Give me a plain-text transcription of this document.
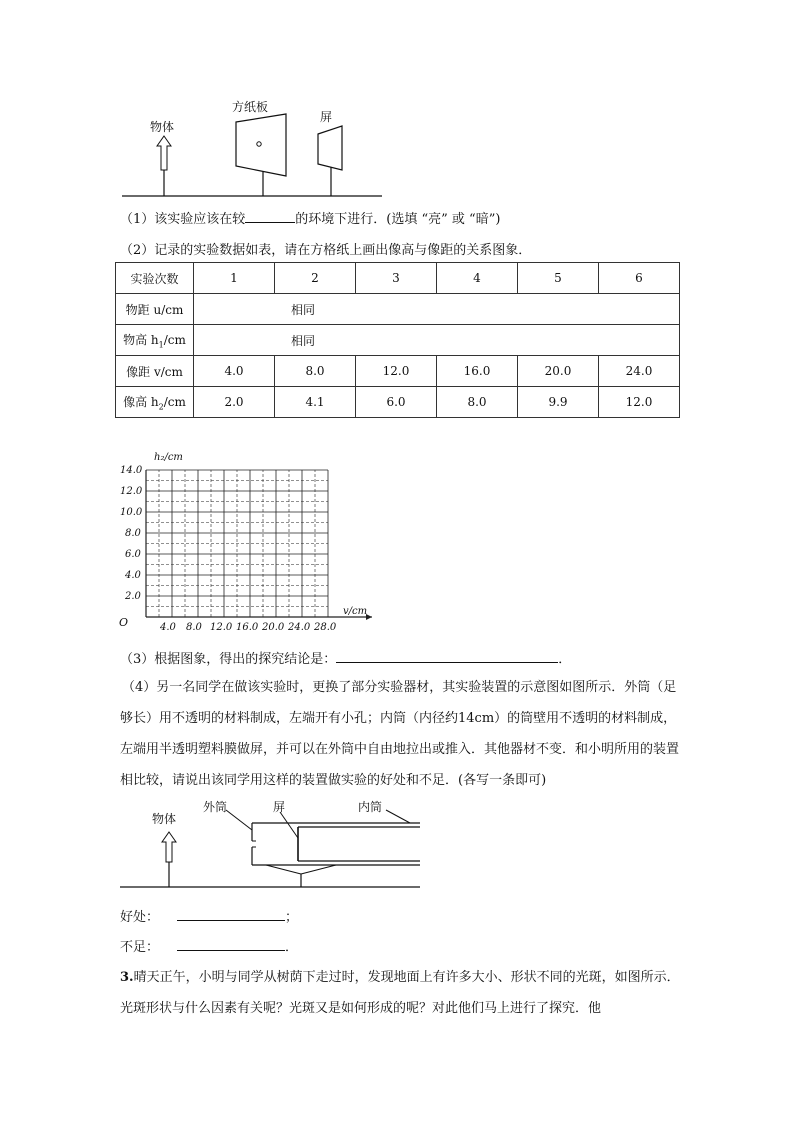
物体
方纸板
屏
（1）该实验应该在较	的环境下进行．(选填 “亮” 或 “暗”)
（2）记录的实验数据如表，请在方格纸上画出像高与像距的关系图象．
实验次数	1	2	3	4	5	6
物距 u/cm	相同					
物高 $h_1/cm$	相同					
像距 v/cm	4.0	8.0	12.0	16.0	20.0	24.0
像高 $h_2/cm$	2.0	4.1	6.0	8.0	9.9	12.0
h₂/cm
v/cm
O
14.0
12.0
10.0
8.0
6.0
4.0
2.0
4.0 8.0 12.0 16.0 20.0 24.0 28.0
（3）根据图象，得出的探究结论是：	．
（4）另一名同学在做该实验时，更换了部分实验器材，其实验装置的示意图如图所示．外筒（足够长）用不透明的材料制成，左端开有小孔；内筒（内径约14cm）的筒壁用不透明的材料制成，左端用半透明塑料膜做屏，并可以在外筒中自由地拉出或推入．其他器材不变．和小明所用的装置相比较，请说出该同学用这样的装置做实验的好处和不足．(各写一条即可)
物体
外筒	屏	内筒
好处：	；
不足：	．
3.晴天正午，小明与同学从树荫下走过时，发现地面上有许多大小、形状不同的光斑，如图所示．光斑形状与什么因素有关呢？光斑又是如何形成的呢？对此他们马上进行了探究．他
